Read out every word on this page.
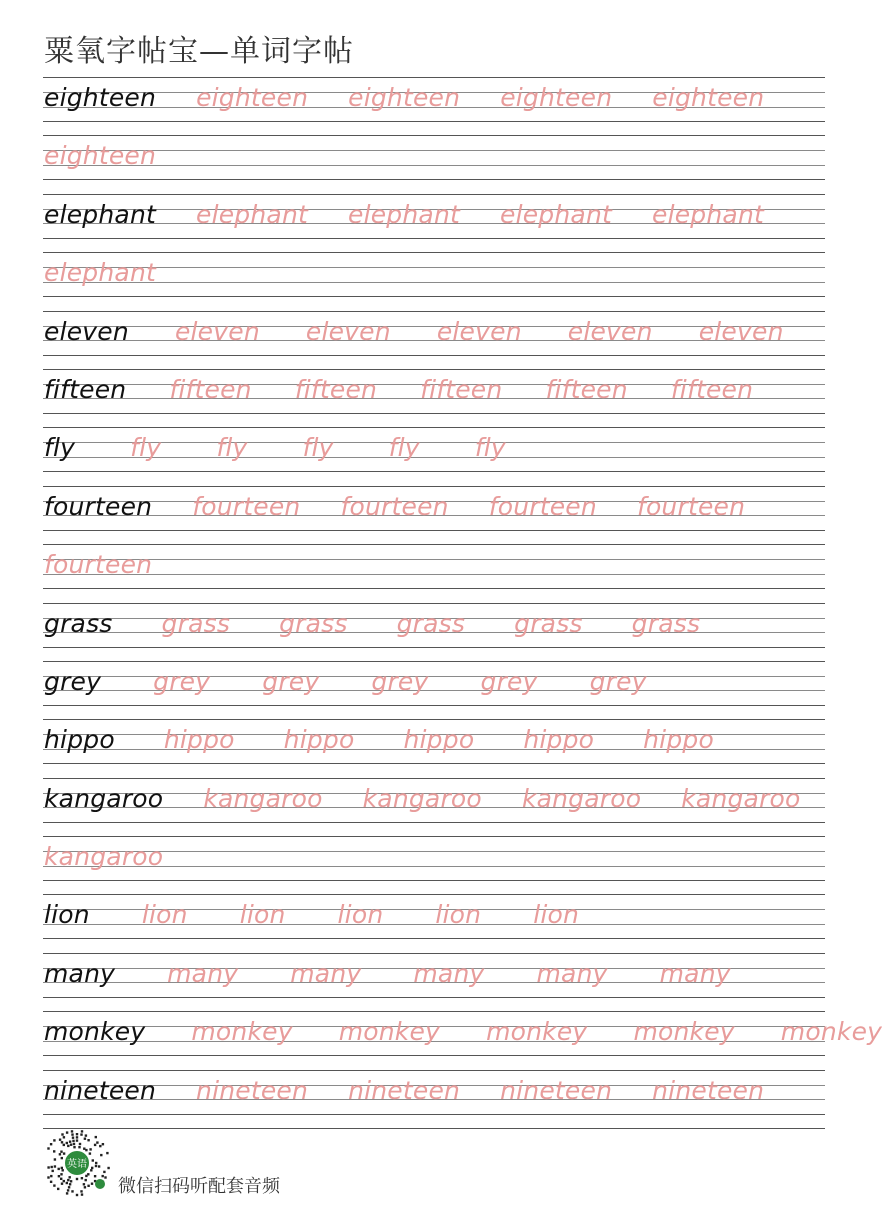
粟氧字帖宝—单词字帖
eighteen eighteen eighteen eighteen eighteen
eighteen
elephant elephant elephant elephant elephant
elephant
eleven eleven eleven eleven eleven eleven
fifteen fifteen fifteen fifteen fifteen fifteen
fly fly fly fly fly fly
fourteen fourteen fourteen fourteen fourteen
fourteen
grass grass grass grass grass grass
grey grey grey grey grey grey
hippo hippo hippo hippo hippo hippo
kangaroo kangaroo kangaroo kangaroo kangaroo
kangaroo
lion lion lion lion lion lion
many many many many many many
monkey monkey monkey monkey monkey monkey
nineteen nineteen nineteen nineteen nineteen
英语
微信扫码听配套音频
